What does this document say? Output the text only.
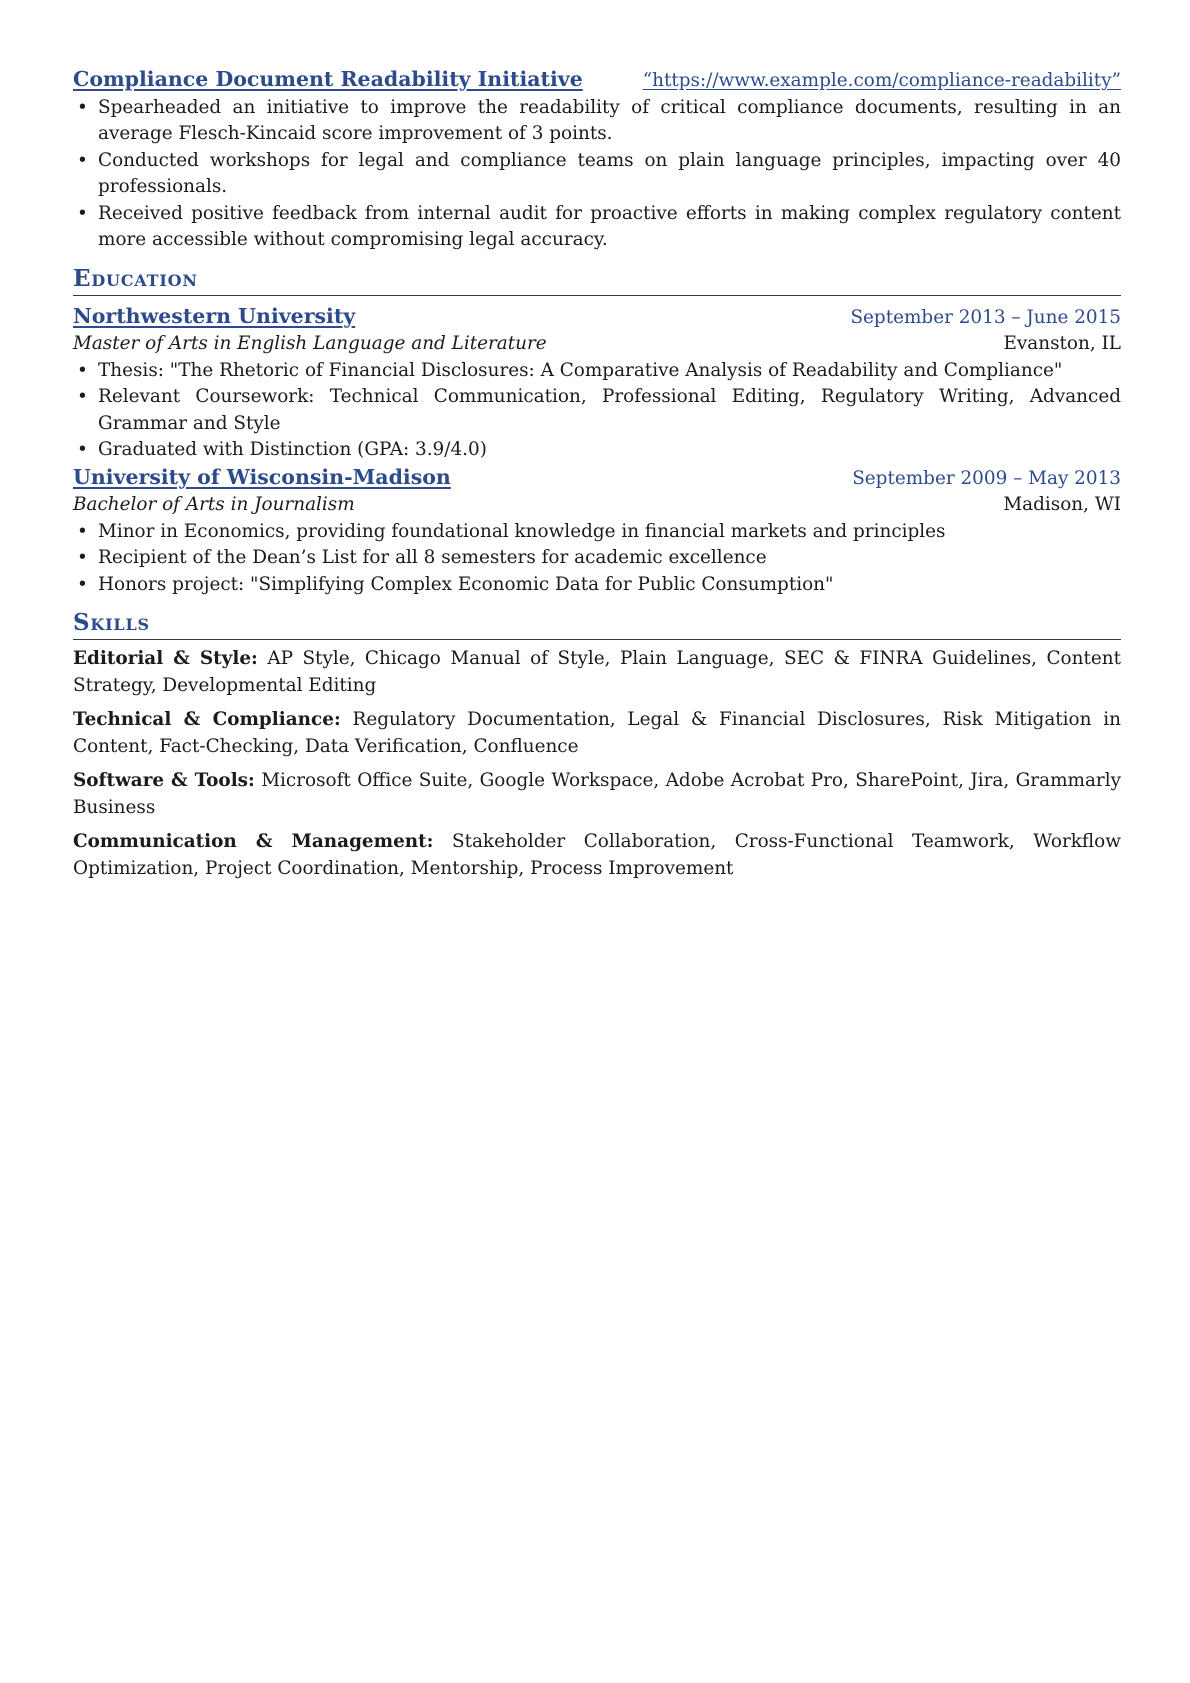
Compliance Document Readability Initiative	“https://www.example.com/compliance-readability”
• Spearheaded an initiative to improve the readability of critical compliance documents, resulting in an average Flesch-Kincaid score improvement of 3 points.
• Conducted workshops for legal and compliance teams on plain language principles, impacting over 40 professionals.
• Received positive feedback from internal audit for proactive efforts in making complex regulatory content more accessible without compromising legal accuracy.
Education
Northwestern University	September 2013 – June 2015
Master of Arts in English Language and Literature	Evanston, IL
• Thesis: "The Rhetoric of Financial Disclosures: A Comparative Analysis of Readability and Compliance"
• Relevant Coursework: Technical Communication, Professional Editing, Regulatory Writing, Advanced Grammar and Style
• Graduated with Distinction (GPA: 3.9/4.0)
University of Wisconsin-Madison	September 2009 – May 2013
Bachelor of Arts in Journalism	Madison, WI
• Minor in Economics, providing foundational knowledge in financial markets and principles
• Recipient of the Dean’s List for all 8 semesters for academic excellence
• Honors project: "Simplifying Complex Economic Data for Public Consumption"
Skills
Editorial & Style: AP Style, Chicago Manual of Style, Plain Language, SEC & FINRA Guidelines, Content Strategy, Developmental Editing
Technical & Compliance: Regulatory Documentation, Legal & Financial Disclosures, Risk Mitigation in Content, Fact-Checking, Data Verification, Confluence
Software & Tools: Microsoft Office Suite, Google Workspace, Adobe Acrobat Pro, SharePoint, Jira, Grammarly Business
Communication & Management: Stakeholder Collaboration, Cross-Functional Teamwork, Workflow Optimization, Project Coordination, Mentorship, Process Improvement
